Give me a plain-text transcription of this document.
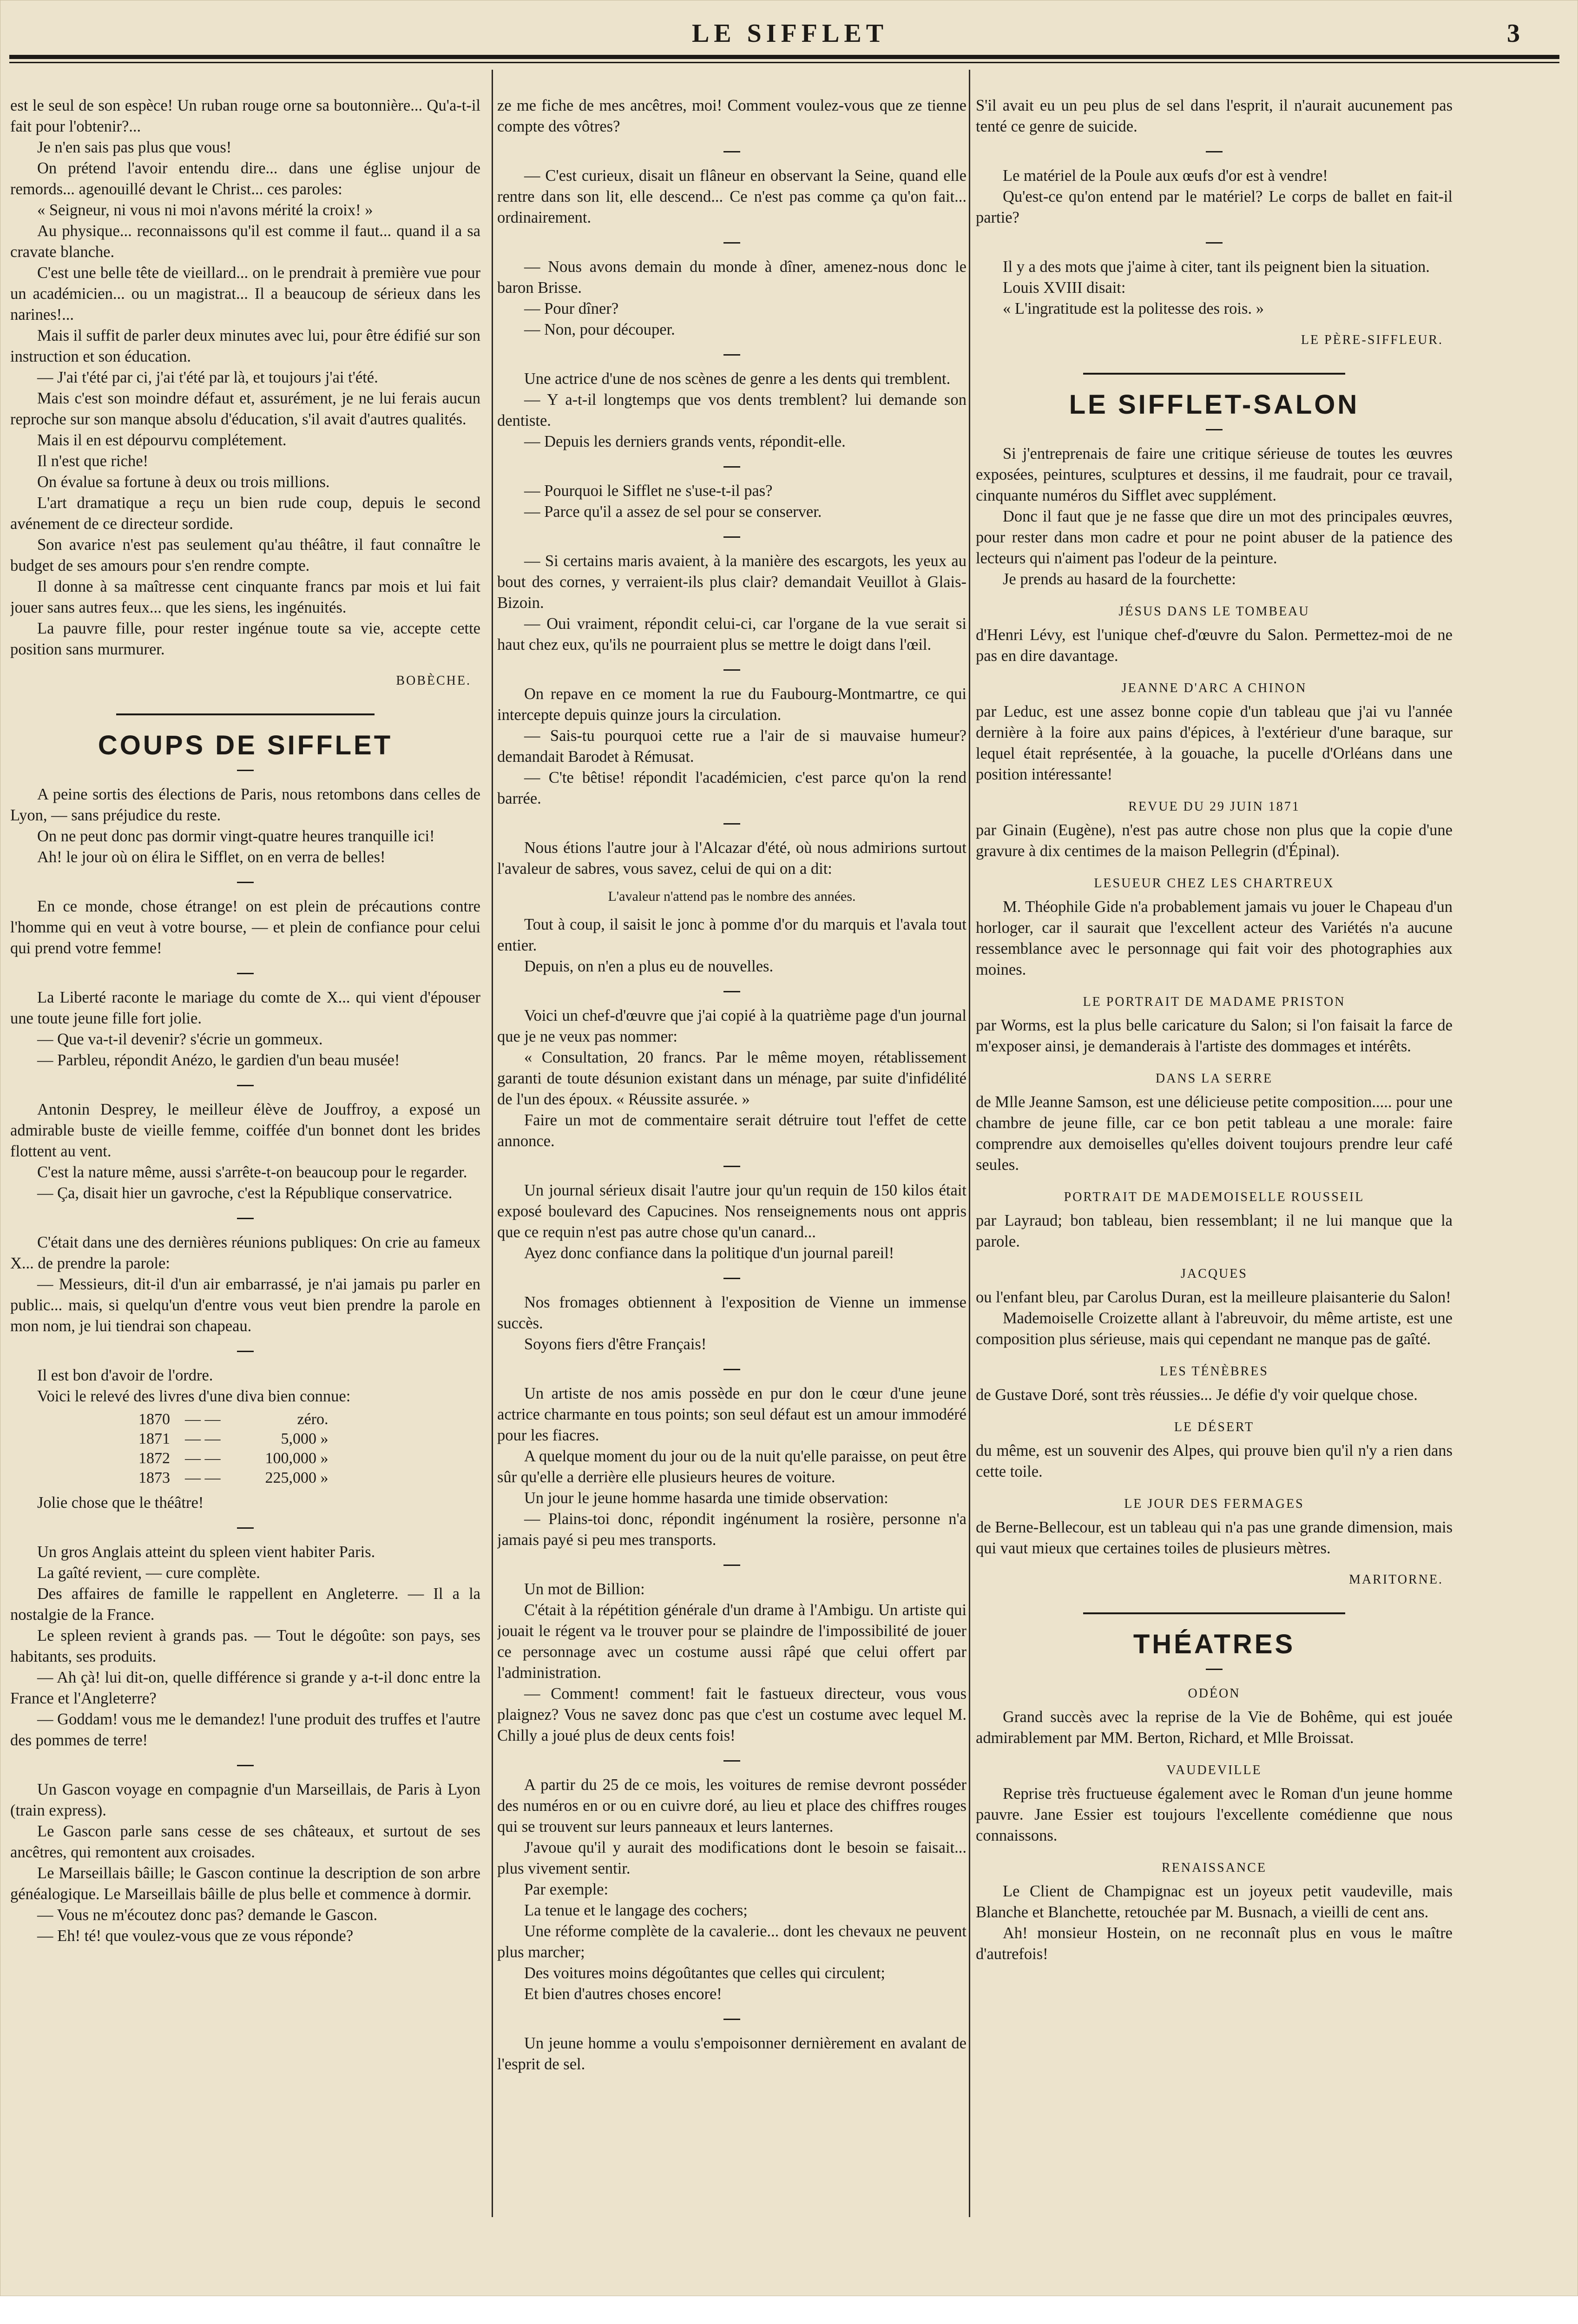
LE SIFFLET	3

est le seul de son espèce! Un ruban rouge orne sa boutonnière... Qu'a-t-il fait pour l'obtenir?...

Je n'en sais pas plus que vous!

On prétend l'avoir entendu dire... dans une église unjour de remords... agenouillé devant le Christ... ces paroles:

« Seigneur, ni vous ni moi n'avons mérité la croix! »

Au physique... reconnaissons qu'il est comme il faut... quand il a sa cravate blanche.

C'est une belle tête de vieillard... on le prendrait à première vue pour un académicien... ou un magistrat... Il a beaucoup de sérieux dans les narines!...

Mais il suffit de parler deux minutes avec lui, pour être édifié sur son instruction et son éducation.

— J'ai t'été par ci, j'ai t'été par là, et toujours j'ai t'été.

Mais c'est son moindre défaut et, assurément, je ne lui ferais aucun reproche sur son manque absolu d'éducation, s'il avait d'autres qualités.

Mais il en est dépourvu complétement.

Il n'est que riche!

On évalue sa fortune à deux ou trois millions.

L'art dramatique a reçu un bien rude coup, depuis le second avénement de ce directeur sordide.

Son avarice n'est pas seulement qu'au théâtre, il faut connaître le budget de ses amours pour s'en rendre compte.

Il donne à sa maîtresse cent cinquante francs par mois et lui fait jouer sans autres feux... que les siens, les ingénuités.

La pauvre fille, pour rester ingénue toute sa vie, accepte cette position sans murmurer.

BOBÈCHE.
COUPS DE SIFFLET

A peine sortis des élections de Paris, nous retombons dans celles de Lyon, — sans préjudice du reste.

On ne peut donc pas dormir vingt-quatre heures tranquille ici!

Ah! le jour où on élira le Sifflet, on en verra de belles!

En ce monde, chose étrange! on est plein de précautions contre l'homme qui en veut à votre bourse, — et plein de confiance pour celui qui prend votre femme!

La Liberté raconte le mariage du comte de X... qui vient d'épouser une toute jeune fille fort jolie.

— Que va-t-il devenir? s'écrie un gommeux.

— Parbleu, répondit Anézo, le gardien d'un beau musée!

Antonin Desprey, le meilleur élève de Jouffroy, a exposé un admirable buste de vieille femme, coiffée d'un bonnet dont les brides flottent au vent.

C'est la nature même, aussi s'arrête-t-on beaucoup pour le regarder.

— Ça, disait hier un gavroche, c'est la République conservatrice.

C'était dans une des dernières réunions publiques: On crie au fameux X... de prendre la parole:

— Messieurs, dit-il d'un air embarrassé, je n'ai jamais pu parler en public... mais, si quelqu'un d'entre vous veut bien prendre la parole en mon nom, je lui tiendrai son chapeau.

Il est bon d'avoir de l'ordre.

Voici le relevé des livres d'une diva bien connue:

1870	— —	zéro.
1871	— —	5,000 »
1872	— —	100,000 »
1873	— —	225,000 »

Jolie chose que le théâtre!

Un gros Anglais atteint du spleen vient habiter Paris.

La gaîté revient, — cure complète.

Des affaires de famille le rappellent en Angleterre. — Il a la nostalgie de la France.

Le spleen revient à grands pas. — Tout le dégoûte: son pays, ses habitants, ses produits.

— Ah çà! lui dit-on, quelle différence si grande y a-t-il donc entre la France et l'Angleterre?

— Goddam! vous me le demandez! l'une produit des truffes et l'autre des pommes de terre!

Un Gascon voyage en compagnie d'un Marseillais, de Paris à Lyon (train express).

Le Gascon parle sans cesse de ses châteaux, et surtout de ses ancêtres, qui remontent aux croisades.

Le Marseillais bâille; le Gascon continue la description de son arbre généalogique. Le Marseillais bâille de plus belle et commence à dormir.

— Vous ne m'écoutez donc pas? demande le Gascon.

— Eh! té! que voulez-vous que ze vous réponde?

ze me fiche de mes ancêtres, moi! Comment voulez-vous que ze tienne compte des vôtres?

— C'est curieux, disait un flâneur en observant la Seine, quand elle rentre dans son lit, elle descend... Ce n'est pas comme ça qu'on fait... ordinairement.

— Nous avons demain du monde à dîner, amenez-nous donc le baron Brisse.

— Pour dîner?

— Non, pour découper.

Une actrice d'une de nos scènes de genre a les dents qui tremblent.

— Y a-t-il longtemps que vos dents tremblent? lui demande son dentiste.

— Depuis les derniers grands vents, répondit-elle.

— Pourquoi le Sifflet ne s'use-t-il pas?

— Parce qu'il a assez de sel pour se conserver.

— Si certains maris avaient, à la manière des escargots, les yeux au bout des cornes, y verraient-ils plus clair? demandait Veuillot à Glais-Bizoin.

— Oui vraiment, répondit celui-ci, car l'organe de la vue serait si haut chez eux, qu'ils ne pourraient plus se mettre le doigt dans l'œil.

On repave en ce moment la rue du Faubourg-Montmartre, ce qui intercepte depuis quinze jours la circulation.

— Sais-tu pourquoi cette rue a l'air de si mauvaise humeur? demandait Barodet à Rémusat.

— C'te bêtise! répondit l'académicien, c'est parce qu'on la rend barrée.

Nous étions l'autre jour à l'Alcazar d'été, où nous admirions surtout l'avaleur de sabres, vous savez, celui de qui on a dit:

L'avaleur n'attend pas le nombre des années.

Tout à coup, il saisit le jonc à pomme d'or du marquis et l'avala tout entier.

Depuis, on n'en a plus eu de nouvelles.

Voici un chef-d'œuvre que j'ai copié à la quatrième page d'un journal que je ne veux pas nommer:

« Consultation, 20 francs. Par le même moyen, rétablissement garanti de toute désunion existant dans un ménage, par suite d'infidélité de l'un des époux. « Réussite assurée. »

Faire un mot de commentaire serait détruire tout l'effet de cette annonce.

Un journal sérieux disait l'autre jour qu'un requin de 150 kilos était exposé boulevard des Capucines. Nos renseignements nous ont appris que ce requin n'est pas autre chose qu'un canard...

Ayez donc confiance dans la politique d'un journal pareil!

Nos fromages obtiennent à l'exposition de Vienne un immense succès.

Soyons fiers d'être Français!

Un artiste de nos amis possède en pur don le cœur d'une jeune actrice charmante en tous points; son seul défaut est un amour immodéré pour les fiacres.

A quelque moment du jour ou de la nuit qu'elle paraisse, on peut être sûr qu'elle a derrière elle plusieurs heures de voiture.

Un jour le jeune homme hasarda une timide observation:

— Plains-toi donc, répondit ingénument la rosière, personne n'a jamais payé si peu mes transports.

Un mot de Billion:

C'était à la répétition générale d'un drame à l'Ambigu. Un artiste qui jouait le régent va le trouver pour se plaindre de l'impossibilité de jouer ce personnage avec un costume aussi râpé que celui offert par l'administration.

— Comment! comment! fait le fastueux directeur, vous vous plaignez? Vous ne savez donc pas que c'est un costume avec lequel M. Chilly a joué plus de deux cents fois!

A partir du 25 de ce mois, les voitures de remise devront posséder des numéros en or ou en cuivre doré, au lieu et place des chiffres rouges qui se trouvent sur leurs panneaux et leurs lanternes.

J'avoue qu'il y aurait des modifications dont le besoin se faisait... plus vivement sentir.

Par exemple:

La tenue et le langage des cochers;

Une réforme complète de la cavalerie... dont les chevaux ne peuvent plus marcher;

Des voitures moins dégoûtantes que celles qui circulent;

Et bien d'autres choses encore!

Un jeune homme a voulu s'empoisonner dernièrement en avalant de l'esprit de sel.

S'il avait eu un peu plus de sel dans l'esprit, il n'aurait aucunement pas tenté ce genre de suicide.

Le matériel de la Poule aux œufs d'or est à vendre!

Qu'est-ce qu'on entend par le matériel? Le corps de ballet en fait-il partie?

Il y a des mots que j'aime à citer, tant ils peignent bien la situation.

Louis XVIII disait:

« L'ingratitude est la politesse des rois. »

LE PÈRE-SIFFLEUR.
LE SIFFLET-SALON

Si j'entreprenais de faire une critique sérieuse de toutes les œuvres exposées, peintures, sculptures et dessins, il me faudrait, pour ce travail, cinquante numéros du Sifflet avec supplément.

Donc il faut que je ne fasse que dire un mot des principales œuvres, pour rester dans mon cadre et pour ne point abuser de la patience des lecteurs qui n'aiment pas l'odeur de la peinture.

Je prends au hasard de la fourchette:

JÉSUS DANS LE TOMBEAU

d'Henri Lévy, est l'unique chef-d'œuvre du Salon. Permettez-moi de ne pas en dire davantage.

JEANNE D'ARC A CHINON

par Leduc, est une assez bonne copie d'un tableau que j'ai vu l'année dernière à la foire aux pains d'épices, à l'extérieur d'une baraque, sur lequel était représentée, à la gouache, la pucelle d'Orléans dans une position intéressante!

REVUE DU 29 JUIN 1871

par Ginain (Eugène), n'est pas autre chose non plus que la copie d'une gravure à dix centimes de la maison Pellegrin (d'Épinal).

LESUEUR CHEZ LES CHARTREUX

M. Théophile Gide n'a probablement jamais vu jouer le Chapeau d'un horloger, car il saurait que l'excellent acteur des Variétés n'a aucune ressemblance avec le personnage qui fait voir des photographies aux moines.

LE PORTRAIT DE MADAME PRISTON

par Worms, est la plus belle caricature du Salon; si l'on faisait la farce de m'exposer ainsi, je demanderais à l'artiste des dommages et intérêts.

DANS LA SERRE

de Mlle Jeanne Samson, est une délicieuse petite composition..... pour une chambre de jeune fille, car ce bon petit tableau a une morale: faire comprendre aux demoiselles qu'elles doivent toujours prendre leur café seules.

PORTRAIT DE MADEMOISELLE ROUSSEIL

par Layraud; bon tableau, bien ressemblant; il ne lui manque que la parole.

JACQUES

ou l'enfant bleu, par Carolus Duran, est la meilleure plaisanterie du Salon!

Mademoiselle Croizette allant à l'abreuvoir, du même artiste, est une composition plus sérieuse, mais qui cependant ne manque pas de gaîté.

LES TÉNÈBRES

de Gustave Doré, sont très réussies... Je défie d'y voir quelque chose.

LE DÉSERT

du même, est un souvenir des Alpes, qui prouve bien qu'il n'y a rien dans cette toile.

LE JOUR DES FERMAGES

de Berne-Bellecour, est un tableau qui n'a pas une grande dimension, mais qui vaut mieux que certaines toiles de plusieurs mètres.

MARITORNE.
THÉATRES
ODÉON

Grand succès avec la reprise de la Vie de Bohême, qui est jouée admirablement par MM. Berton, Richard, et Mlle Broissat.

VAUDEVILLE

Reprise très fructueuse également avec le Roman d'un jeune homme pauvre. Jane Essier est toujours l'excellente comédienne que nous connaissons.

RENAISSANCE

Le Client de Champignac est un joyeux petit vaudeville, mais Blanche et Blanchette, retouchée par M. Busnach, a vieilli de cent ans.

Ah! monsieur Hostein, on ne reconnaît plus en vous le maître d'autrefois!
